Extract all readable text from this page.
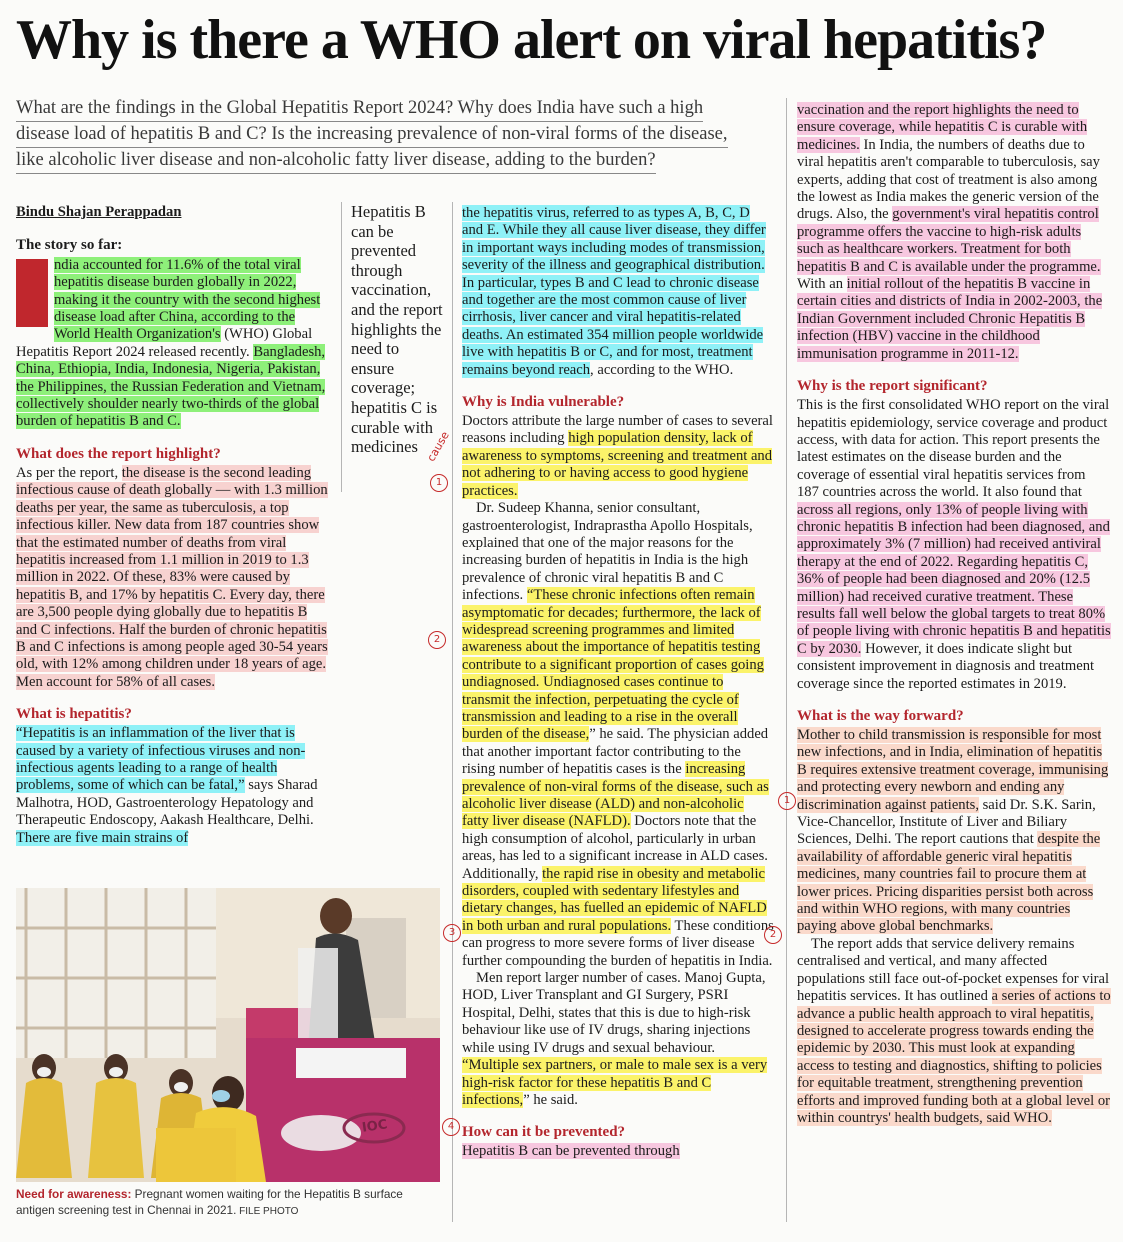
Why is there a WHO alert on viral hepatitis?
What are the findings in the Global Hepatitis Report 2024? Why does India have such a high
disease load of hepatitis B and C? Is the increasing prevalence of non-viral forms of the disease,
like alcoholic liver disease and non-alcoholic fatty liver disease, adding to the burden?
Bindu Shajan Perappadan
The story so far:

ndia accounted for 11.6% of the total viral hepatitis disease burden globally in 2022, making it the country with the second highest disease load after China, according to the World Health Organization's (WHO) Global Hepatitis Report 2024 released recently. Bangladesh, China, Ethiopia, India, Indonesia, Nigeria, Pakistan, the Philippines, the Russian Federation and Vietnam, collectively shoulder nearly two-thirds of the global burden of hepatitis B and C.

What does the report highlight?

As per the report, the disease is the second leading infectious cause of death globally — with 1.3 million deaths per year, the same as tuberculosis, a top infectious killer. New data from 187 countries show that the estimated number of deaths from viral hepatitis increased from 1.1 million in 2019 to 1.3 million in 2022. Of these, 83% were caused by hepatitis B, and 17% by hepatitis C. Every day, there are 3,500 people dying globally due to hepatitis B and C infections. Half the burden of chronic hepatitis B and C infections is among people aged 30-54 years old, with 12% among children under 18 years of age. Men account for 58% of all cases.

What is hepatitis?

“Hepatitis is an inflammation of the liver that is caused by a variety of infectious viruses and non-infectious agents leading to a range of health problems, some of which can be fatal,” says Sharad Malhotra, HOD, Gastroenterology Hepatology and Therapeutic Endoscopy, Aakash Healthcare, Delhi. There are five main strains of

Hepatitis B can be prevented through vaccination, and the report highlights the need to ensure coverage; hepatitis C is curable with medicines

the hepatitis virus, referred to as types A, B, C, D and E. While they all cause liver disease, they differ in important ways including modes of transmission, severity of the illness and geographical distribution. In particular, types B and C lead to chronic disease and together are the most common cause of liver cirrhosis, liver cancer and viral hepatitis-related deaths. An estimated 354 million people worldwide live with hepatitis B or C, and for most, treatment remains beyond reach, according to the WHO.

Why is India vulnerable?

Doctors attribute the large number of cases to several reasons including high population density, lack of awareness to symptoms, screening and treatment and not adhering to or having access to good hygiene practices.

Dr. Sudeep Khanna, senior consultant, gastroenterologist, Indraprastha Apollo Hospitals, explained that one of the major reasons for the increasing burden of hepatitis in India is the high prevalence of chronic viral hepatitis B and C infections. “These chronic infections often remain asymptomatic for decades; furthermore, the lack of widespread screening programmes and limited awareness about the importance of hepatitis testing contribute to a significant proportion of cases going undiagnosed. Undiagnosed cases continue to transmit the infection, perpetuating the cycle of transmission and leading to a rise in the overall burden of the disease,” he said. The physician added that another important factor contributing to the rising number of hepatitis cases is the increasing prevalence of non-viral forms of the disease, such as alcoholic liver disease (ALD) and non-alcoholic fatty liver disease (NAFLD). Doctors note that the high consumption of alcohol, particularly in urban areas, has led to a significant increase in ALD cases. Additionally, the rapid rise in obesity and metabolic disorders, coupled with sedentary lifestyles and dietary changes, has fuelled an epidemic of NAFLD in both urban and rural populations. These conditions can progress to more severe forms of liver disease further compounding the burden of hepatitis in India.

Men report larger number of cases. Manoj Gupta, HOD, Liver Transplant and GI Surgery, PSRI Hospital, Delhi, states that this is due to high-risk behaviour like use of IV drugs, sharing injections while using IV drugs and sexual behaviour. “Multiple sex partners, or male to male sex is a very high-risk factor for these hepatitis B and C infections,” he said.

How can it be prevented?

Hepatitis B can be prevented through

vaccination and the report highlights the need to ensure coverage, while hepatitis C is curable with medicines. In India, the numbers of deaths due to viral hepatitis aren't comparable to tuberculosis, say experts, adding that cost of treatment is also among the lowest as India makes the generic version of the drugs. Also, the government's viral hepatitis control programme offers the vaccine to high-risk adults such as healthcare workers. Treatment for both hepatitis B and C is available under the programme. With an initial rollout of the hepatitis B vaccine in certain cities and districts of India in 2002-2003, the Indian Government included Chronic Hepatitis B infection (HBV) vaccine in the childhood immunisation programme in 2011-12.

Why is the report significant?

This is the first consolidated WHO report on the viral hepatitis epidemiology, service coverage and product access, with data for action. This report presents the latest estimates on the disease burden and the coverage of essential viral hepatitis services from 187 countries across the world. It also found that across all regions, only 13% of people living with chronic hepatitis B infection had been diagnosed, and approximately 3% (7 million) had received antiviral therapy at the end of 2022. Regarding hepatitis C, 36% of people had been diagnosed and 20% (12.5 million) had received curative treatment. These results fall well below the global targets to treat 80% of people living with chronic hepatitis B and hepatitis C by 2030. However, it does indicate slight but consistent improvement in diagnosis and treatment coverage since the reported estimates in 2019.

What is the way forward?

Mother to child transmission is responsible for most new infections, and in India, elimination of hepatitis B requires extensive treatment coverage, immunising and protecting every newborn and ending any discrimination against patients, said Dr. S.K. Sarin, Vice-Chancellor, Institute of Liver and Biliary Sciences, Delhi. The report cautions that despite the availability of affordable generic viral hepatitis medicines, many countries fail to procure them at lower prices. Pricing disparities persist both across and within WHO regions, with many countries paying above global benchmarks.

The report adds that service delivery remains centralised and vertical, and many affected populations still face out-of-pocket expenses for viral hepatitis services. It has outlined a series of actions to advance a public health approach to viral hepatitis, designed to accelerate progress towards ending the epidemic by 2030. This must look at expanding access to testing and diagnostics, shifting to policies for equitable treatment, strengthening prevention efforts and improved funding both at a global level or within countrys' health budgets, said WHO.

IOC
Need for awareness: Pregnant women waiting for the Hepatitis B surface antigen screening test in Chennai in 2021. FILE PHOTO
cause
1
2
3
4
1
2
